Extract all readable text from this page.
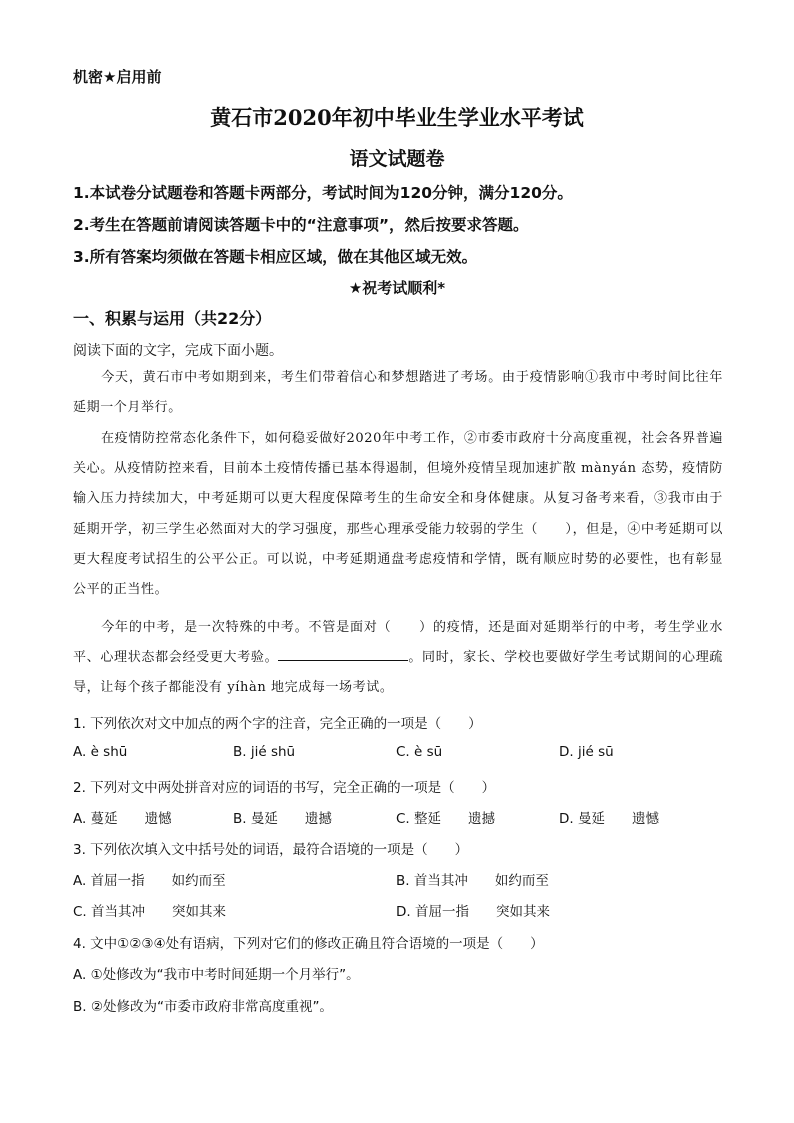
机密★启用前
黄石市2020年初中毕业生学业水平考试
语文试题卷
1.本试卷分试题卷和答题卡两部分，考试时间为120分钟，满分120分。
2.考生在答题前请阅读答题卡中的“注意事项”，然后按要求答题。
3.所有答案均须做在答题卡相应区域，做在其他区域无效。
★祝考试顺利*
一、积累与运用（共22分）
阅读下面的文字，完成下面小题。
今天，黄石市中考如期到来，考生们带着信心和梦想踏进了考场。由于疫情影响①我市中考时间比往年延期一个月举行。
在疫情防控常态化条件下，如何稳妥做好2020年中考工作，②市委市政府十分高度重视，社会各界普遍关心。从疫情防控来看，目前本土疫情传播已基本得遏制，但境外疫情呈现加速扩散 mànyán 态势，疫情防输入压力持续加大，中考延期可以更大程度保障考生的生命安全和身体健康。从复习备考来看，③我市由于延期开学，初三学生必然面对大的学习强度，那些心理承受能力较弱的学生（　　），但是，④中考延期可以更大程度考试招生的公平公正。可以说，中考延期通盘考虑疫情和学情，既有顺应时势的必要性，也有彰显公平的正当性。
今年的中考，是一次特殊的中考。不管是面对（　　）的疫情，还是面对延期举行的中考，考生学业水平、心理状态都会经受更大考验。	。同时，家长、学校也要做好学生考试期间的心理疏导，让每个孩子都能没有 yíhàn 地完成每一场考试。
1. 下列依次对文中加点的两个字的注音，完全正确的一项是（　　）
A. è shū	B. jié shū	C. è sū	D. jié sū
2. 下列对文中两处拼音对应的词语的书写，完全正确的一项是（　　）
A. 蔓延　　遗憾	B. 曼延　　遗撼	C. 整延　　遗撼	D. 曼延　　遗憾
3. 下列依次填入文中括号处的词语，最符合语境的一项是（　　）
A. 首屈一指　　如约而至	B. 首当其冲　　如约而至
C. 首当其冲　　突如其来	D. 首屈一指　　突如其来
4. 文中①②③④处有语病，下列对它们的修改正确且符合语境的一项是（　　）
A. ①处修改为“我市中考时间延期一个月举行”。
B. ②处修改为“市委市政府非常高度重视”。
